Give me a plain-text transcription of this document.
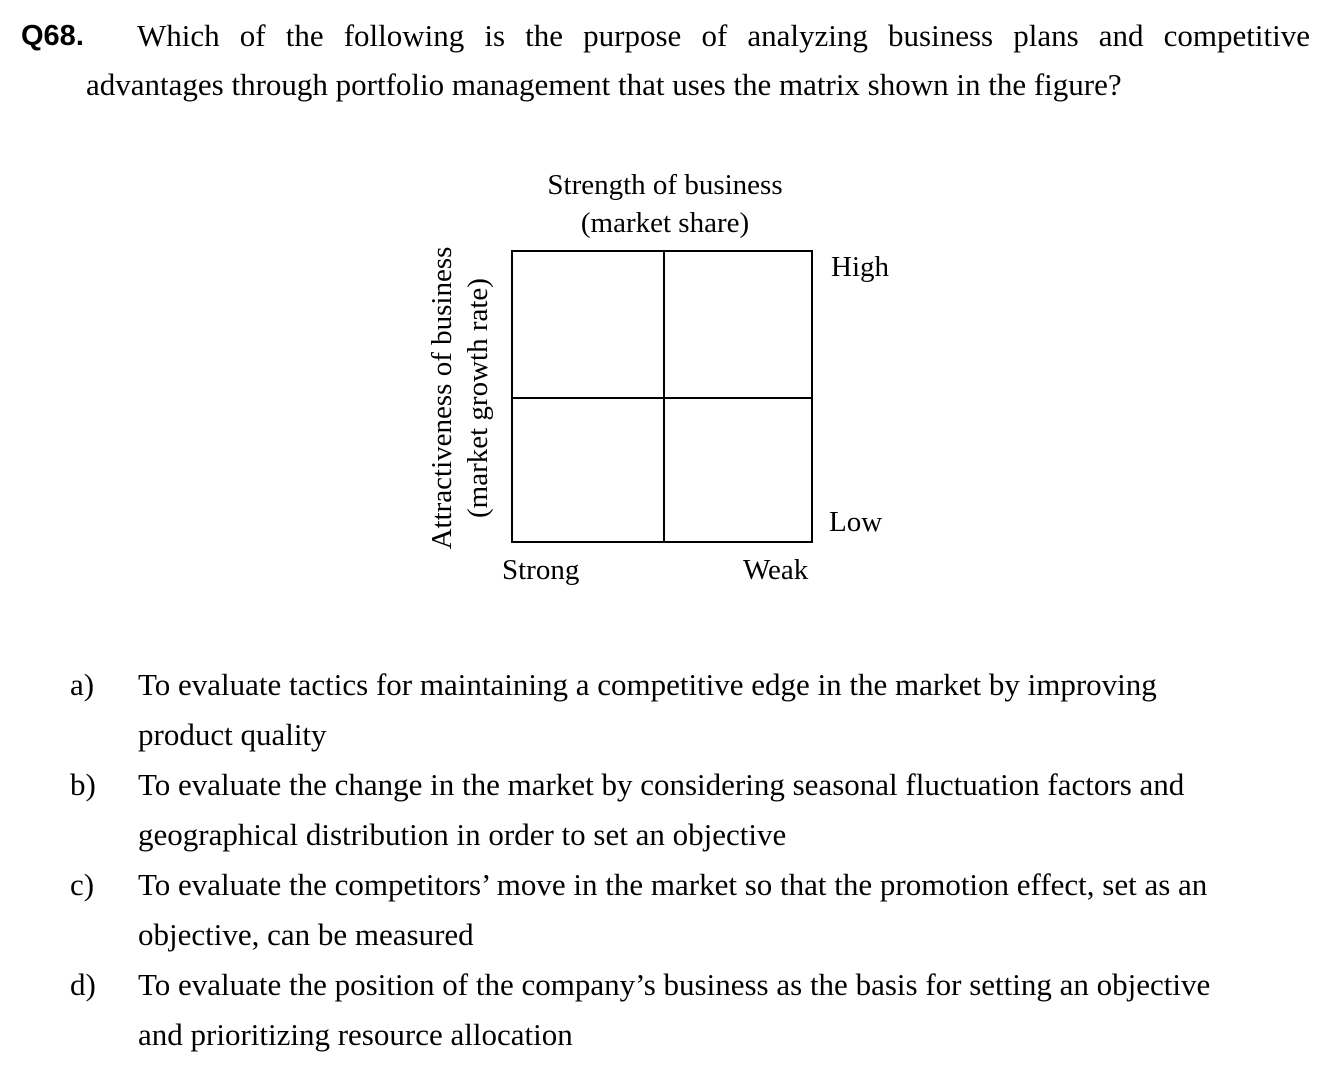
Q68. Which of the following is the purpose of analyzing business plans and competitive
advantages through portfolio management that uses the matrix shown in the figure?
Strength of business
(market share)
Attractiveness of business (market growth rate)
High
Low
Strong	Weak
a) To evaluate tactics for maintaining a competitive edge in the market by improving
product quality
b) To evaluate the change in the market by considering seasonal fluctuation factors and
geographical distribution in order to set an objective
c) To evaluate the competitors’ move in the market so that the promotion effect, set as an
objective, can be measured
d) To evaluate the position of the company’s business as the basis for setting an objective
and prioritizing resource allocation
